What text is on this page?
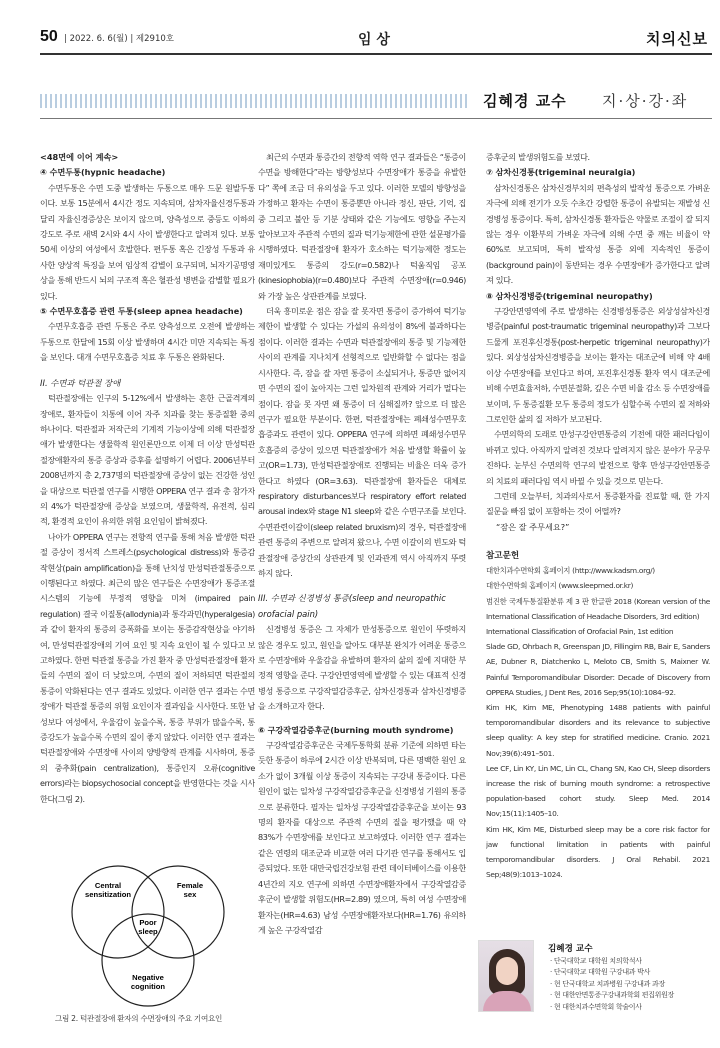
50 | 2022. 6. 6(월) | 제2910호	임 상	치의신보
김혜경 교수 지·상·강·좌
<48면에 이어 계속>
④ 수면두통(hypnic headache)

수면두통은 수면 도중 발생하는 두통으로 매우 드문 원발두통이다. 보통 15분에서 4시간 정도 지속되며, 삼차자율신경두통과 달리 자율신경증상은 보이지 않으며, 양측성으로 중등도 이하의 강도로 주로 새벽 2시와 4시 사이 발생한다고 알려져 있다. 보통 50세 이상의 여성에서 호발한다. 편두통 혹은 긴장성 두통과 유사한 양상적 특징을 보여 임상적 감별이 요구되며, 뇌자기공명영상을 통해 반드시 뇌의 구조적 혹은 혈관성 병변을 감별할 필요가 있다.

⑤ 수면무호흡증 관련 두통(sleep apnea headache)

수면무호흡증 관련 두통은 주로 양측성으로 오전에 발생하는 두통으로 한달에 15회 이상 발생하며 4시간 미만 지속되는 특징을 보인다. 대개 수면무호흡증 치료 후 두통은 완화된다.

II. 수면과 턱관절 장애

턱관절장애는 인구의 5-12%에서 발생하는 흔한 근골격계의 장애로, 환자들이 치통에 이어 자주 치과를 찾는 통증질환 중의 하나이다. 턱관절과 저작근의 기계적 기능이상에 의해 턱관절장애가 발생한다는 생물학적 원인론만으로 이제 더 이상 만성턱관절장애환자의 통증 증상과 증후를 설명하기 어렵다. 2006년부터 2008년까지 총 2,737명의 턱관절장애 증상이 없는 건강한 성인을 대상으로 턱관절 연구를 시행한 OPPERA 연구 결과 총 참가자의 4%가 턱관절장애 증상을 보였으며, 생물학적, 유전적, 심리적, 환경적 요인이 유의한 위험 요인임이 밝혀졌다.

나아가 OPPERA 연구는 전향적 연구를 통해 처음 발생한 턱관절 증상이 정서적 스트레스(psychological distress)와 통증감작현상(pain amplification)을 통해 난치성 만성턱관절통증으로 이행된다고 하였다. 최근의 많은 연구들은 수면장애가 통증조절시스템의 기능에 부정적 영향을 미쳐 (impaired pain regulation) 결국 이질통(allodynia)과 통각과민(hyperalgesia)과 같이 환자의 통증의 증폭화를 보이는 통증감작현상을 야기하여, 만성턱관절장애의 기여 요인 및 지속 요인이 될 수 있다고 보고하였다. 한편 턱관절 통증을 가진 환자 중 만성턱관절장애 환자들의 수면의 질이 더 낮았으며, 수면의 질이 저하되면 턱관절의 통증이 악화된다는 연구 결과도 있었다. 이러한 연구 결과는 수면장애가 턱관절 통증의 위험 요인이자 결과임을 시사한다. 또한 남성보다 여성에서, 우울감이 높을수록, 통증 부위가 많을수록, 통증강도가 높을수록 수면의 질이 좋지 않았다. 이러한 연구 결과는 턱관절장애와 수면장애 사이의 양방향적 관계를 시사하며, 통증의 중추화(pain centralization), 통증인지 오류(cognitive errors)라는 biopsychosocial concept을 반영한다는 것을 시사한다(그림 2).

Central sensitization
Female sex
Poor sleep
Negative cognition
그림 2. 턱관절장애 환자의 수면장애의 주요 기여요인

최근의 수면과 통증간의 전향적 역학 연구 결과들은 “통증이 수면을 방해한다”라는 방향성보다 수면장애가 통증을 유발한다” 쪽에 조금 더 유의성을 두고 있다. 이러한 모델의 방향성을 가정하고 환자는 수면이 통증뿐만 아니라 정신, 판단, 기억, 집중 그리고 불안 등 기분 상태와 같은 기능에도 영향을 주는지 알아보고자 주관적 수면의 질과 턱기능제한에 관한 설문평가를 시행하였다. 턱관절장애 환자가 호소하는 턱기능제한 정도는 재미있게도 통증의 강도(r=0.582)나 턱움직임 공포(kinesiophobia)(r=0.480)보다 주관적 수면장애(r=0.946)와 가장 높은 상관관계를 보였다.

더욱 흥미로운 점은 잠을 잘 못자면 통증이 증가하여 턱기능제한이 발생할 수 있다는 가설의 유의성이 8%에 불과하다는 점이다. 이러한 결과는 수면과 턱관절장애의 통증 및 기능제한사이의 관계를 지나치게 선형적으로 일반화할 수 없다는 점을 시사한다. 즉, 잠을 잘 자면 통증이 소실되거나, 통증만 없어지면 수면의 질이 높아지는 그런 일차원적 관계와 거리가 멀다는 점이다. 잠을 못 자면 왜 통증이 더 심해질까? 앞으로 더 많은 연구가 필요한 부분이다. 한편, 턱관절장애는 폐쇄성수면무호흡증과도 관련이 있다. OPPERA 연구에 의하면 폐쇄성수면무호흡증의 증상이 있으면 턱관절장애가 처음 발생할 확률이 높고(OR=1.73), 만성턱관절장애로 진행되는 비율은 더욱 증가한다고 하였다 (OR=3.63). 턱관절장애 환자들은 대체로 respiratory disturbances보다 respiratory effort related arousal index와 stage N1 sleep와 같은 수면구조를 보인다. 수면관련이갈이(sleep related bruxism)의 경우, 턱관절장애 관련 통증의 주변으로 알려져 왔으나, 수면 이갈이의 빈도와 턱관절장애 증상간의 상관관계 및 인과관계 역시 아직까지 뚜렷하지 않다.

III. 수면과 신경병성 통증(sleep and neuropathic orofacial pain)

신경병성 통증은 그 자체가 만성통증으로 원인이 뚜렷하지 않은 경우도 있고, 원인을 알아도 대부분 완치가 어려운 통증으로 수면장애와 우울감을 유발하며 환자의 삶의 질에 지대한 부정적 영향을 준다. 구강안면영역에 발생할 수 있는 대표적 신경병성 통증으로 구강작열감증후군, 삼차신경통과 삼차신경병증을 소개하고자 한다.

⑥ 구강작열감증후군(burning mouth syndrome)

구강작열감증후군은 국제두통학회 분류 기준에 의하면 타는 듯한 통증이 하루에 2시간 이상 반복되며, 다른 명백한 원인 요소가 없이 3개월 이상 통증이 지속되는 구강내 통증이다. 다른 원인이 없는 일차성 구강작열감증후군을 신경병성 기원의 통증으로 분류한다. 필자는 일차성 구강작열감증후군을 보이는 93명의 환자를 대상으로 주관적 수면의 질을 평가했을 때 약 83%가 수면장애를 보인다고 보고하였다. 이러한 연구 결과는 같은 연령의 대조군과 비교한 여러 다기관 연구를 통해서도 입증되었다. 또한 대만국립건강보험 관련 데이터베이스를 이용한 4년간의 지오 연구에 의하면 수면장애환자에서 구강작열감증후군이 발생할 위험도(HR=2.89) 였으며, 특히 여성 수면장애환자는(HR=4.63) 남성 수면장애환자보다(HR=1.76) 유의하게 높은 구강작열감

증후군의 발생위험도를 보였다.

⑦ 삼차신경통(trigeminal neuralgia)

삼차신경통은 삼차신경부치의 편측성의 발작성 통증으로 가벼운 자극에 의해 전기가 오듯 수초간 강렬한 통증이 유발되는 재발성 신경병성 통증이다. 특히, 삼차신경통 환자들은 약물로 조절이 잘 되지 않는 경우 이환부의 가벼운 자극에 의해 수면 중 깨는 비율이 약 60%로 보고되며, 특히 발작성 통증 외에 지속적인 통증이(background pain)이 동반되는 경우 수면장애가 증가한다고 알려져 있다.

⑧ 삼차신경병증(trigeminal neuropathy)

구강안면영역에 주로 발생하는 신경병성통증은 외상성삼차신경병증(painful post-traumatic trigeminal neuropathy)과 그보다 드물게 포진후신경통(post-herpetic trigeminal neuropathy)가 있다. 외상성삼차신경병증을 보이는 환자는 대조군에 비해 약 4배 이상 수면장애를 보인다고 하며, 포진후신경통 환자 역시 대조군에 비해 수면효율저하, 수면분절화, 깊은 수면 비율 감소 등 수면장애를 보이며, 두 통증질환 모두 통증의 정도가 심할수록 수면의 질 저하와 그로인한 삶의 질 저하가 보고된다.

수면의학의 도래로 만성구강안면통증의 기전에 대한 패러다임이 바뀌고 있다. 아직까지 알려진 것보다 알려지지 않은 분야가 무궁무진하다. 눈부신 수면의학 연구의 발전으로 향후 만성구강안면통증의 치료의 패러다임 역시 바뀔 수 있을 것으로 믿는다.

그런데 오늘부터, 치과의사로서 통증환자를 진료할 때, 한 가지 질문을 빠짐 없이 포함하는 것이 어떨까?

“잠은 잘 주무세요?”
참고문헌
대한치과수면학회 홈페이지 (http://www.kadsm.org/)
대한수면학회 홈페이지 (www.sleepmed.or.kr)
범진한 국제두통질환분류 제 3 판 한글판 2018 (Korean version of the International Classification of Headache Disorders, 3rd edition)
International Classification of Orofacial Pain, 1st edition
Slade GD, Ohrbach R, Greenspan JD, Fillingim RB, Bair E, Sanders AE, Dubner R, Diatchenko L, Meloto CB, Smith S, Maixner W. Painful Temporomandibular Disorder: Decade of Discovery from OPPERA Studies, J Dent Res, 2016 Sep;95(10):1084–92.
Kim HK, Kim ME, Phenotyping 1488 patients with painful temporomandibular disorders and its relevance to subjective sleep quality: A key step for stratified medicine. Cranio. 2021 Nov;39(6):491–501.
Lee CF, Lin KY, Lin MC, Lin CL, Chang SN, Kao CH, Sleep disorders increase the risk of burning mouth syndrome: a retrospective population-based cohort study. Sleep Med. 2014 Nov;15(11):1405–10.
Kim HK, Kim ME, Disturbed sleep may be a core risk factor for jaw functional limitation in patients with painful temporomandibular disorders. J Oral Rehabil. 2021 Sep;48(9):1013–1024.
김혜경 교수
· 단국대학교 대학원 치의학석사
· 단국대학교 대학원 구강내과 박사
· 현 단국대학교 치과병원 구강내과 과장
· 현 대한안면통증구강내과학회 편집위원장
· 현 대한치과수면학회 학술이사
